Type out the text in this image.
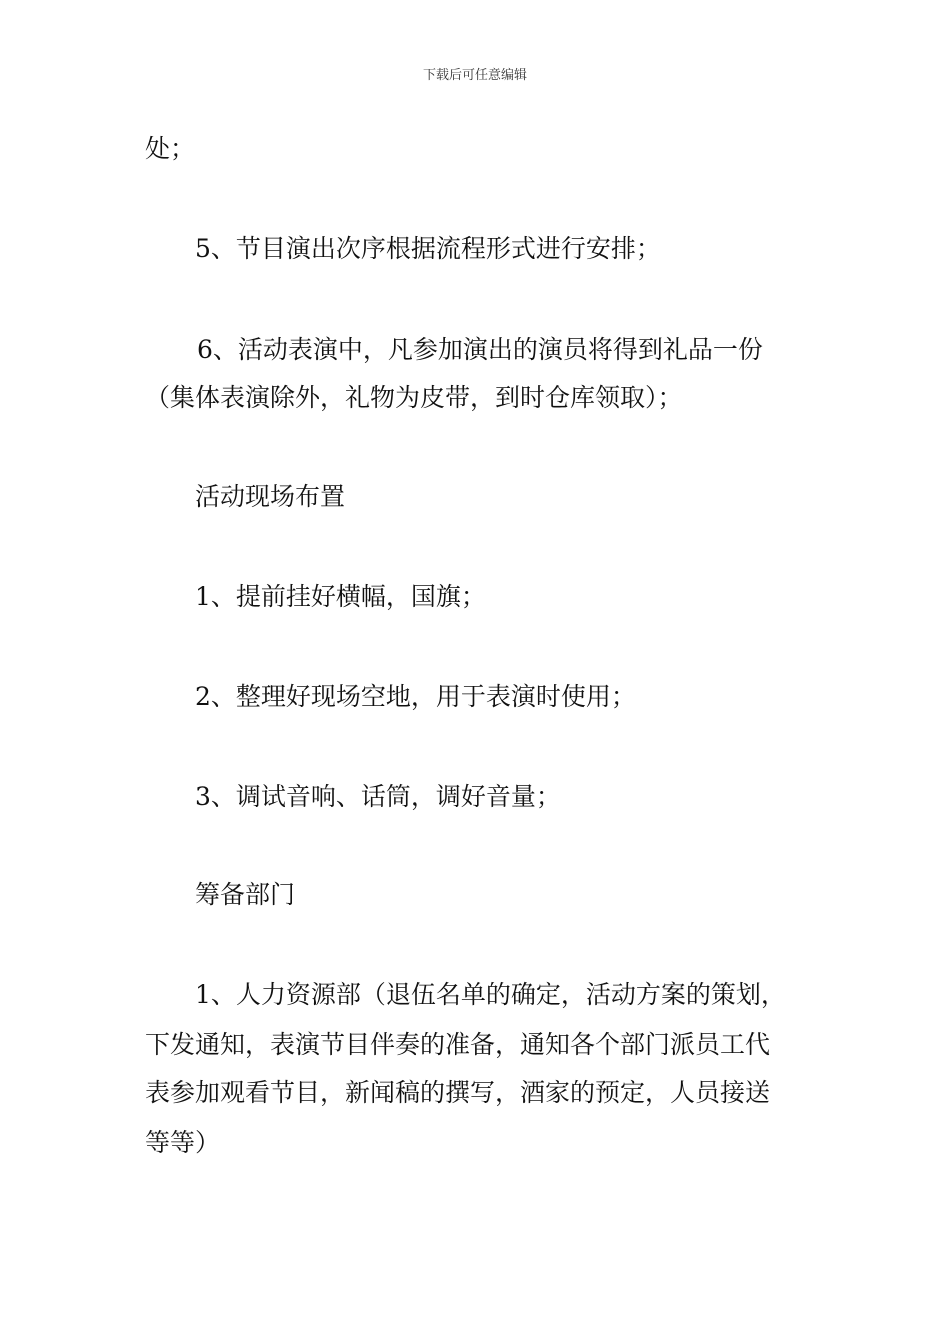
下载后可任意编辑
处；
5、节目演出次序根据流程形式进行安排；
6、活动表演中，凡参加演出的演员将得到礼品一份
（集体表演除外，礼物为皮带，到时仓库领取）；
活动现场布置
1、提前挂好横幅，国旗；
2、整理好现场空地，用于表演时使用；
3、调试音响、话筒，调好音量；
筹备部门
1、人力资源部（退伍名单的确定，活动方案的策划，
下发通知，表演节目伴奏的准备，通知各个部门派员工代
表参加观看节目，新闻稿的撰写，酒家的预定，人员接送
等等）
